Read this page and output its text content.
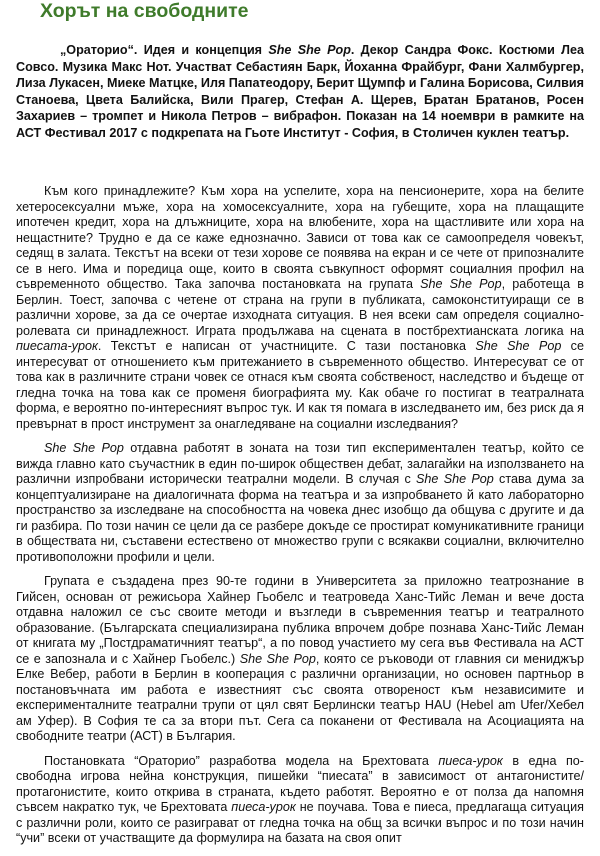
Хорът на свободните

„Ораторио“. Идея и концепция She She Pop. Декор Сандра Фокс. Костюми Леа Совсо. Музика Макс Нот. Участват Себастиян Барк, Йоханна Фрайбург, Фани Халмбургер, Лиза Лукасен, Миеке Матцке, Иля Папатеодору, Берит Щумпф и Галина Борисова, Силвия Станоева, Цвета Балийска, Вили Прагер, Стефан А. Щерев, Братан Братанов, Росен Захариев – тромпет и Никола Петров – вибрафон. Показан на 14 ноември в рамките на АСТ Фестивал 2017 с подкрепата на Гьоте Институт - София, в Столичен куклен театър.

Към кого принадлежите? Към хора на успелите, хора на пенсионерите, хора на белите хетеросексуални мъже, хора на хомосексуалните, хора на губещите, хора на плащащите ипотечен кредит, хора на длъжниците, хора на влюбените, хора на щастливите или хора на нещастните? Трудно е да се каже еднозначно. Зависи от това как се самоопределя човекът, седящ в залата. Текстът на всеки от тези хорове се появява на екран и се чете от припозналите се в него. Има и поредица още, които в своята съвкупност оформят социалния профил на съвременното общество. Така започва постановката на групата She She Pop, работеща в Берлин. Тоест, започва с четене от страна на групи в публиката, самоконституиращи се в различни хорове, за да се очертае изходната ситуация. В нея всеки сам определя социално-ролевата си принадлежност. Играта продължава на сцената в постбрехтианската логика на пиесата-урок. Текстът е написан от участниците. С тази постановка She She Pop се интересуват от отношението към притежанието в съвременното общество. Интересуват се от това как в различните страни човек се отнася към своята собственост, наследство и бъдеще от гледна точка на това как се променя биографията му. Как обаче го постигат в театралната форма, е вероятно по-интересният въпрос тук. И как тя помага в изследването им, без риск да я превърнат в прост инструмент за онагледяване на социални изследвания?

She She Pop отдавна работят в зоната на този тип експериментален театър, който се вижда главно като съучастник в един по-широк обществен дебат, залагайки на използването на различни изпробвани исторически театрални модели. В случая с She She Pop става дума за концептуализиране на диалогичната форма на театъра и за изпробването й като лабораторно пространство за изследване на способността на човека днес изобщо да общува с другите и да ги разбира. По този начин се цели да се разбере докъде се простират комуникативните граници в обществата ни, съставени естествено от множество групи с всякакви социални, включително противоположни профили и цели.

Групата е създадена през 90-те години в Университета за приложно театрознание в Гийсен, основан от режисьора Хайнер Гьобелс и театроведа Ханс-Тийс Леман и вече доста отдавна наложил се със своите методи и възгледи в съвременния театър и театралното образование. (Българската специализирана публика впрочем добре познава Ханс-Тийс Леман от книгата му „Постдраматичният театър“, а по повод участието му сега във Фестивала на АСТ се е запознала и с Хайнер Гьобелс.) She She Pop, която се ръководи от главния си мениджър Елке Вебер, работи в Берлин в кооперация с различни организации, но основен партньор в постановъчната им работа е известният със своята отвореност към независимите и експерименталните театрални трупи от цял свят Берлински театър HAU (Hebel am Ufer/Хебел ам Уфер). В София те са за втори път. Сега са поканени от Фестивала на Асоциацията на свободните театри (АСТ) в България.

Постановката “Ораторио” разработва модела на Брехтовата пиеса-урок в една по-свободна игрова нейна конструкция, пишейки “пиесата” в зависимост от антагонистите/протагонистите, които открива в страната, където работят. Вероятно е от полза да напомня съвсем накратко тук, че Брехтовата пиеса-урок не поучава. Това е пиеса, предлагаща ситуация с различни роли, които се разиграват от гледна точка на общ за всички въпрос и по този начин “учи” всеки от участващите да формулира на базата на своя опит
